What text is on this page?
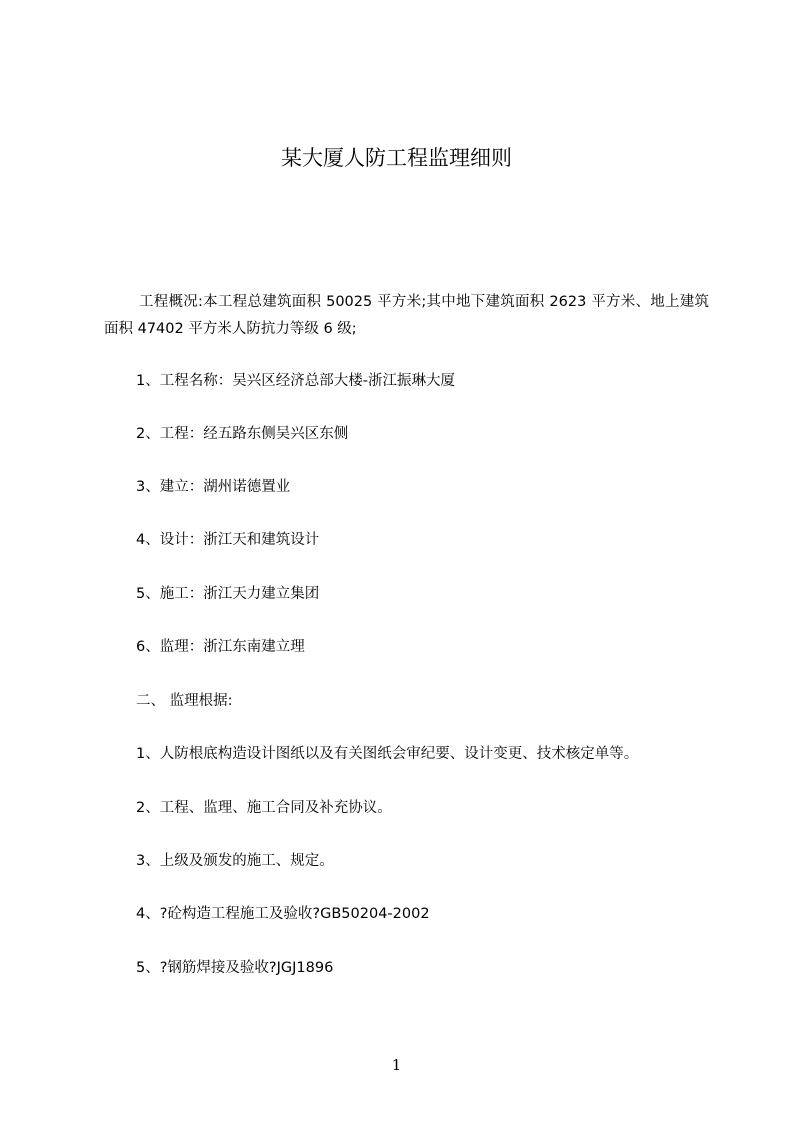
某大厦人防工程监理细则
工程概况:本工程总建筑面积 50025 平方米;其中地下建筑面积 2623 平方米、地上建筑面积 47402 平方米人防抗力等级 6 级;
1、工程名称：吴兴区经济总部大楼-浙江振琳大厦
2、工程：经五路东侧吴兴区东侧
3、建立：湖州诺德置业
4、设计：浙江天和建筑设计
5、施工：浙江天力建立集团
6、监理：浙江东南建立理
二、 监理根据:
1、人防根底构造设计图纸以及有关图纸会审纪要、设计变更、技术核定单等。
2、工程、监理、施工合同及补充协议。
3、上级及颁发的施工、规定。
4、?砼构造工程施工及验收?GB50204-2002
5、?钢筋焊接及验收?JGJ1896
1
